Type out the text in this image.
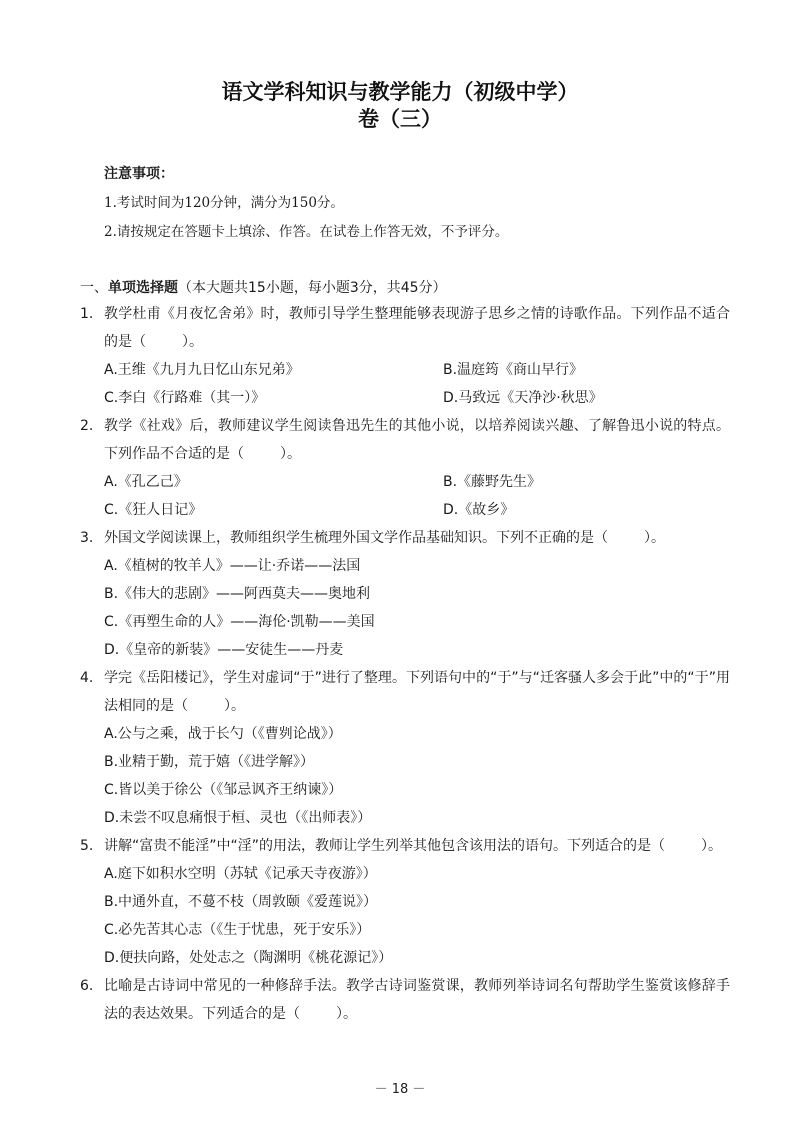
语文学科知识与教学能力（初级中学）
卷（三）
注意事项：
1.考试时间为120分钟，满分为150分。
2.请按规定在答题卡上填涂、作答。在试卷上作答无效，不予评分。
一、单项选择题（本大题共15小题，每小题3分，共45分）
1. 教学杜甫《月夜忆舍弟》时，教师引导学生整理能够表现游子思乡之情的诗歌作品。下列作品不适合的是（	）。
A.王维《九月九日忆山东兄弟》	B.温庭筠《商山早行》
C.李白《行路难（其一）》	D.马致远《天净沙·秋思》
2. 教学《社戏》后，教师建议学生阅读鲁迅先生的其他小说，以培养阅读兴趣、了解鲁迅小说的特点。下列作品不合适的是（	）。
A.《孔乙己》	B.《藤野先生》
C.《狂人日记》	D.《故乡》
3. 外国文学阅读课上，教师组织学生梳理外国文学作品基础知识。下列不正确的是（	）。
A.《植树的牧羊人》——让·乔诺——法国
B.《伟大的悲剧》——阿西莫夫——奥地利
C.《再塑生命的人》——海伦·凯勒——美国
D.《皇帝的新装》——安徒生——丹麦
4. 学完《岳阳楼记》，学生对虚词“于”进行了整理。下列语句中的“于”与“迁客骚人多会于此”中的“于”用法相同的是（	）。
A.公与之乘，战于长勺（《曹刿论战》）
B.业精于勤，荒于嬉（《进学解》）
C.皆以美于徐公（《邹忌讽齐王纳谏》）
D.未尝不叹息痛恨于桓、灵也（《出师表》）
5. 讲解“富贵不能淫”中“淫”的用法，教师让学生列举其他包含该用法的语句。下列适合的是（	）。
A.庭下如积水空明（苏轼《记承天寺夜游》）
B.中通外直，不蔓不枝（周敦颐《爱莲说》）
C.必先苦其心志（《生于忧患，死于安乐》）
D.便扶向路，处处志之（陶渊明《桃花源记》）
6. 比喻是古诗词中常见的一种修辞手法。教学古诗词鉴赏课，教师列举诗词名句帮助学生鉴赏该修辞手法的表达效果。下列适合的是（	）。
－ 18 －
